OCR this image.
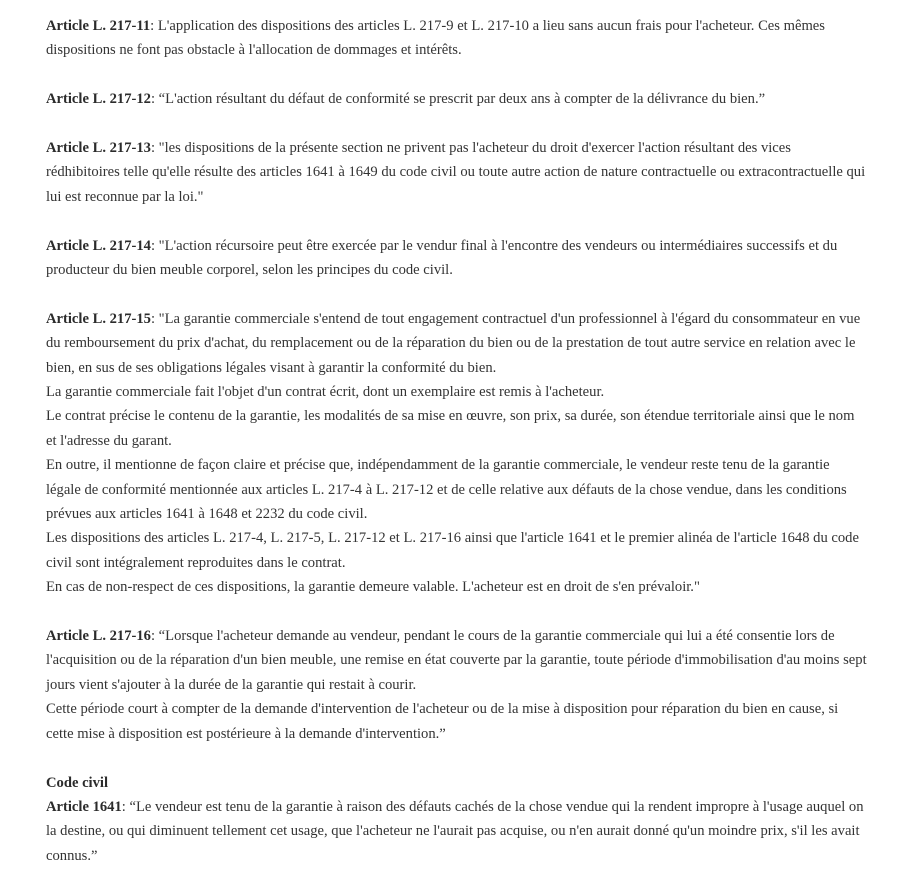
Article L. 217-11: L'application des dispositions des articles L. 217-9 et L. 217-10 a lieu sans aucun frais pour l'acheteur. Ces mêmes dispositions ne font pas obstacle à l'allocation de dommages et intérêts.

Article L. 217-12: “L'action résultant du défaut de conformité se prescrit par deux ans à compter de la délivrance du bien.”

Article L. 217-13: "les dispositions de la présente section ne privent pas l'acheteur du droit d'exercer l'action résultant des vices rédhibitoires telle qu'elle résulte des articles 1641 à 1649 du code civil ou toute autre action de nature contractuelle ou extracontractuelle qui lui est reconnue par la loi."

Article L. 217-14: "L'action récursoire peut être exercée par le vendur final à l'encontre des vendeurs ou intermédiaires successifs et du producteur du bien meuble corporel, selon les principes du code civil.

Article L. 217-15: "La garantie commerciale s'entend de tout engagement contractuel d'un professionnel à l'égard du consommateur en vue du remboursement du prix d'achat, du remplacement ou de la réparation du bien ou de la prestation de tout autre service en relation avec le bien, en sus de ses obligations légales visant à garantir la conformité du bien.
La garantie commerciale fait l'objet d'un contrat écrit, dont un exemplaire est remis à l'acheteur.
Le contrat précise le contenu de la garantie, les modalités de sa mise en œuvre, son prix, sa durée, son étendue territoriale ainsi que le nom et l'adresse du garant.
En outre, il mentionne de façon claire et précise que, indépendamment de la garantie commerciale, le vendeur reste tenu de la garantie légale de conformité mentionnée aux articles L. 217-4 à L. 217-12 et de celle relative aux défauts de la chose vendue, dans les conditions prévues aux articles 1641 à 1648 et 2232 du code civil.
Les dispositions des articles L. 217-4, L. 217-5, L. 217-12 et L. 217-16 ainsi que l'article 1641 et le premier alinéa de l'article 1648 du code civil sont intégralement reproduites dans le contrat.
En cas de non-respect de ces dispositions, la garantie demeure valable. L'acheteur est en droit de s'en prévaloir."

Article L. 217-16: “Lorsque l'acheteur demande au vendeur, pendant le cours de la garantie commerciale qui lui a été consentie lors de l'acquisition ou de la réparation d'un bien meuble, une remise en état couverte par la garantie, toute période d'immobilisation d'au moins sept jours vient s'ajouter à la durée de la garantie qui restait à courir.
Cette période court à compter de la demande d'intervention de l'acheteur ou de la mise à disposition pour réparation du bien en cause, si cette mise à disposition est postérieure à la demande d'intervention.”

Code civil
Article 1641: “Le vendeur est tenu de la garantie à raison des défauts cachés de la chose vendue qui la rendent impropre à l'usage auquel on la destine, ou qui diminuent tellement cet usage, que l'acheteur ne l'aurait pas acquise, ou n'en aurait donné qu'un moindre prix, s'il les avait connus.”
